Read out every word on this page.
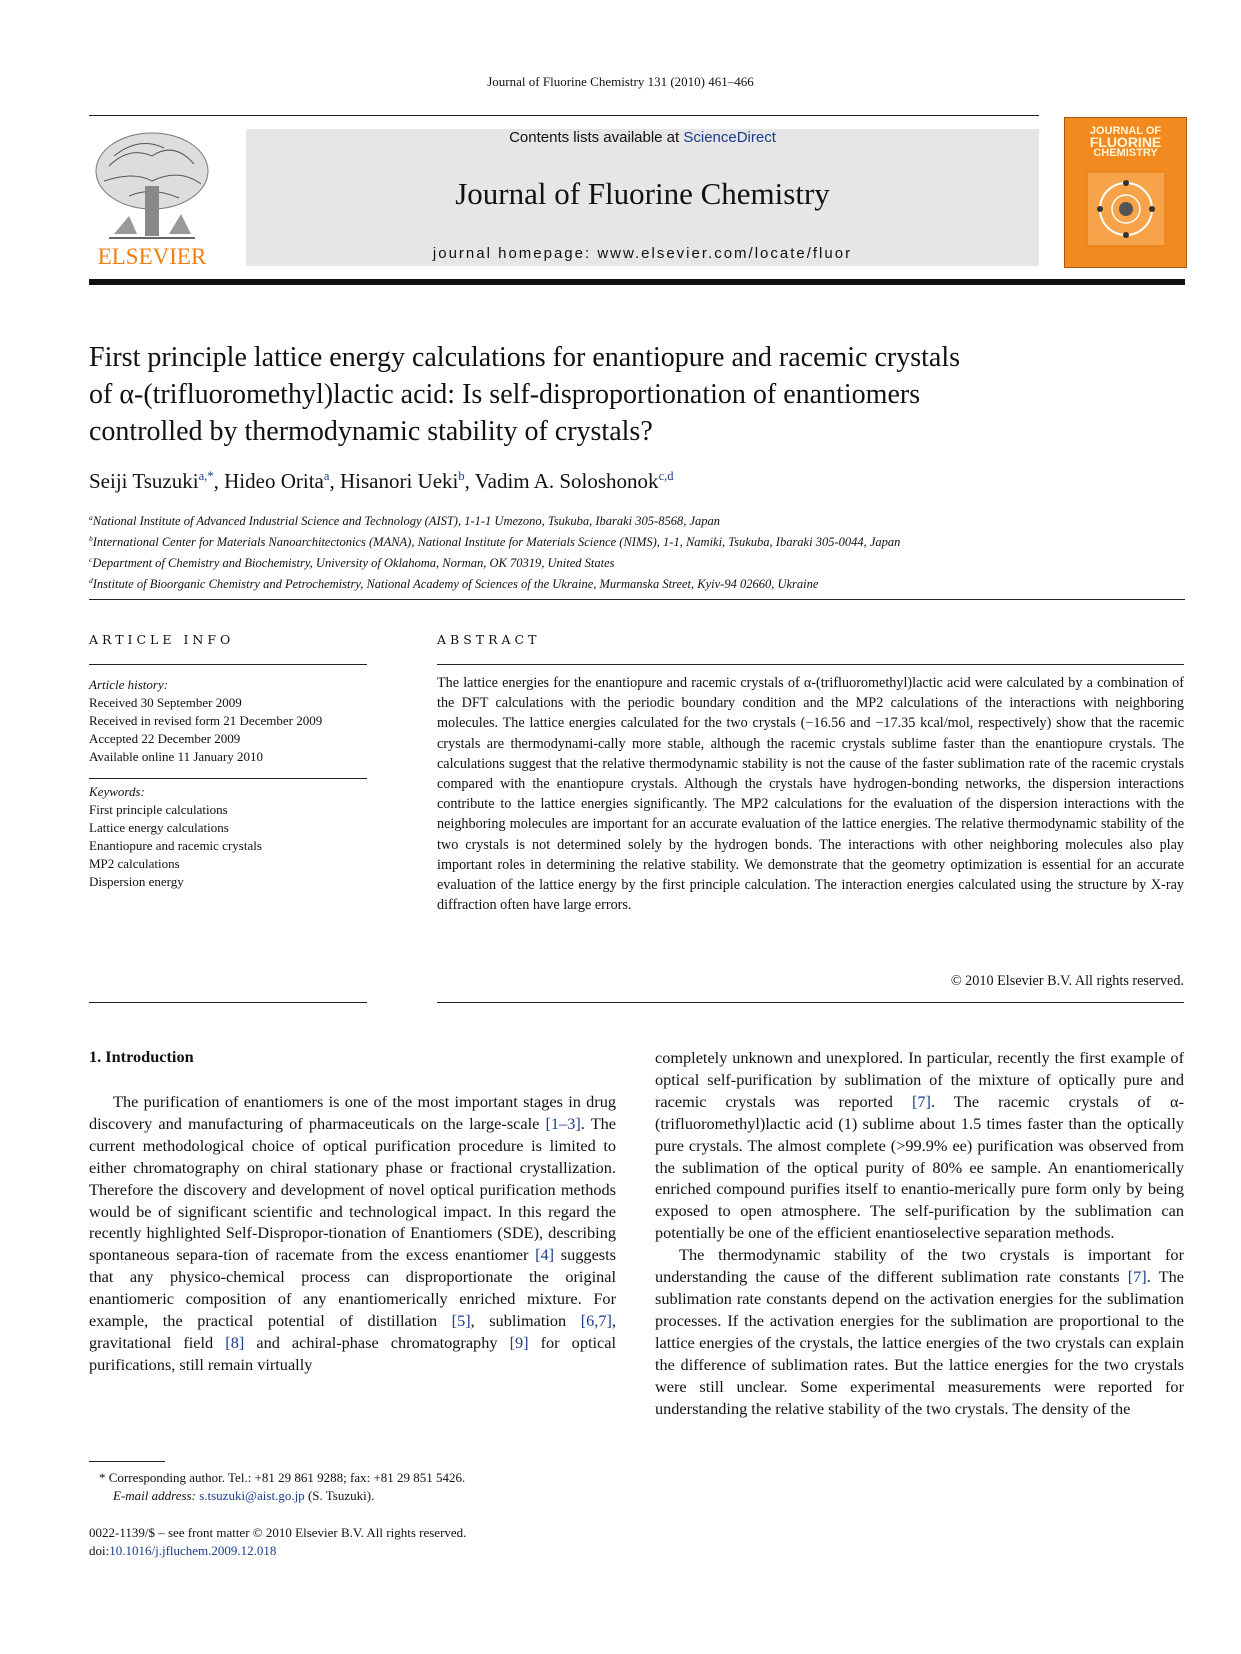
Journal of Fluorine Chemistry 131 (2010) 461–466
ELSEVIER
Contents lists available at ScienceDirect
Journal of Fluorine Chemistry
journal homepage: www.elsevier.com/locate/fluor
JOURNAL OF
FLUORINE
CHEMISTRY
First principle lattice energy calculations for enantiopure and racemic crystals
of α-(trifluoromethyl)lactic acid: Is self-disproportionation of enantiomers
controlled by thermodynamic stability of crystals?
Seiji Tsuzuki$^{a,*}$, Hideo Orita$^a$, Hisanori Ueki$^b$, Vadim A. Soloshonok$^{c,d}$
$^a$National Institute of Advanced Industrial Science and Technology (AIST), 1-1-1 Umezono, Tsukuba, Ibaraki 305-8568, Japan
$^b$International Center for Materials Nanoarchitectonics (MANA), National Institute for Materials Science (NIMS), 1-1, Namiki, Tsukuba, Ibaraki 305-0044, Japan
$^c$Department of Chemistry and Biochemistry, University of Oklahoma, Norman, OK 70319, United States
$^d$Institute of Bioorganic Chemistry and Petrochemistry, National Academy of Sciences of the Ukraine, Murmanska Street, Kyiv-94 02660, Ukraine
ARTICLE INFO
Article history:
Received 30 September 2009
Received in revised form 21 December 2009
Accepted 22 December 2009
Available online 11 January 2010
Keywords:
First principle calculations
Lattice energy calculations
Enantiopure and racemic crystals
MP2 calculations
Dispersion energy
ABSTRACT
The lattice energies for the enantiopure and racemic crystals of α-(trifluoromethyl)lactic acid were calculated by a combination of the DFT calculations with the periodic boundary condition and the MP2 calculations of the interactions with neighboring molecules. The lattice energies calculated for the two crystals (−16.56 and −17.35 kcal/mol, respectively) show that the racemic crystals are thermodynami-cally more stable, although the racemic crystals sublime faster than the enantiopure crystals. The calculations suggest that the relative thermodynamic stability is not the cause of the faster sublimation rate of the racemic crystals compared with the enantiopure crystals. Although the crystals have hydrogen-bonding networks, the dispersion interactions contribute to the lattice energies significantly. The MP2 calculations for the evaluation of the dispersion interactions with the neighboring molecules are important for an accurate evaluation of the lattice energies. The relative thermodynamic stability of the two crystals is not determined solely by the hydrogen bonds. The interactions with other neighboring molecules also play important roles in determining the relative stability. We demonstrate that the geometry optimization is essential for an accurate evaluation of the lattice energy by the first principle calculation. The interaction energies calculated using the structure by X-ray diffraction often have large errors.
© 2010 Elsevier B.V. All rights reserved.
1. Introduction

The purification of enantiomers is one of the most important stages in drug discovery and manufacturing of pharmaceuticals on the large-scale [1–3]. The current methodological choice of optical purification procedure is limited to either chromatography on chiral stationary phase or fractional crystallization. Therefore the discovery and development of novel optical purification methods would be of significant scientific and technological impact. In this regard the recently highlighted Self-Dispropor-tionation of Enantiomers (SDE), describing spontaneous separa-tion of racemate from the excess enantiomer [4] suggests that any physico-chemical process can disproportionate the original enantiomeric composition of any enantiomerically enriched mixture. For example, the practical potential of distillation [5], sublimation [6,7], gravitational field [8] and achiral-phase chromatography [9] for optical purifications, still remain virtually

completely unknown and unexplored. In particular, recently the first example of optical self-purification by sublimation of the mixture of optically pure and racemic crystals was reported [7]. The racemic crystals of α-(trifluoromethyl)lactic acid (1) sublime about 1.5 times faster than the optically pure crystals. The almost complete (>99.9% ee) purification was observed from the sublimation of the optical purity of 80% ee sample. An enantiomerically enriched compound purifies itself to enantio-merically pure form only by being exposed to open atmosphere. The self-purification by the sublimation can potentially be one of the efficient enantioselective separation methods.

The thermodynamic stability of the two crystals is important for understanding the cause of the different sublimation rate constants [7]. The sublimation rate constants depend on the activation energies for the sublimation processes. If the activation energies for the sublimation are proportional to the lattice energies of the crystals, the lattice energies of the two crystals can explain the difference of sublimation rates. But the lattice energies for the two crystals were still unclear. Some experimental measurements were reported for understanding the relative stability of the two crystals. The density of the

* Corresponding author. Tel.: +81 29 861 9288; fax: +81 29 851 5426.
E-mail address: s.tsuzuki@aist.go.jp (S. Tsuzuki).
0022-1139/$ – see front matter © 2010 Elsevier B.V. All rights reserved.
doi:10.1016/j.jfluchem.2009.12.018
